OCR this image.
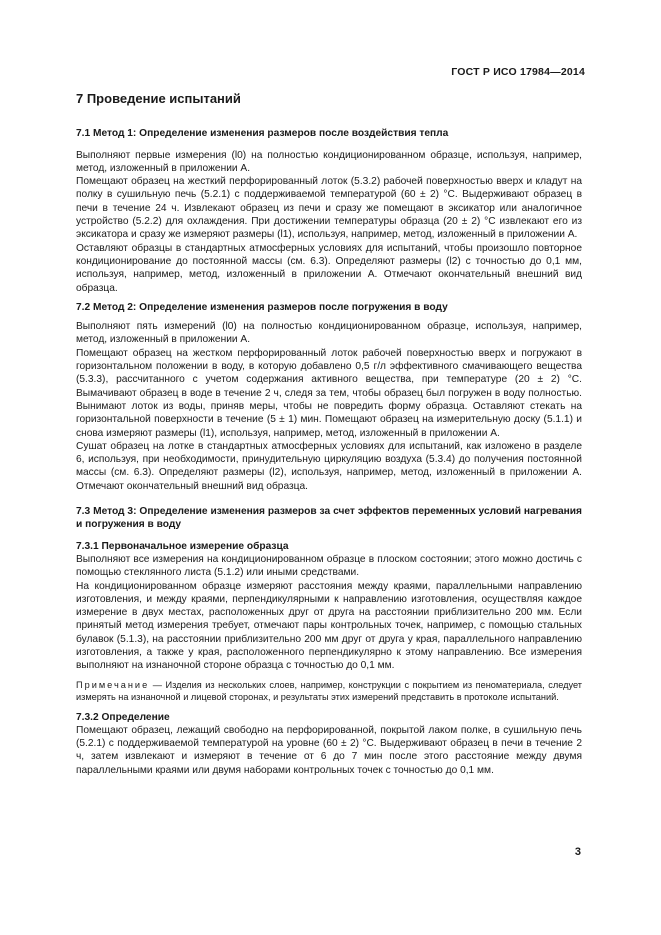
ГОСТ Р ИСО 17984—2014

7 Проведение испытаний

7.1 Метод 1: Определение изменения размеров после воздействия тепла

Выполняют первые измерения (l0) на полностью кондиционированном образце, используя, например, метод, изложенный в приложении А.

Помещают образец на жесткий перфорированный лоток (5.3.2) рабочей поверхностью вверх и кладут на полку в сушильную печь (5.2.1) с поддерживаемой температурой (60 ± 2) °С. Выдерживают образец в печи в течение 24 ч. Извлекают образец из печи и сразу же помещают в эксикатор или аналогичное устройство (5.2.2) для охлаждения. При достижении температуры образца (20 ± 2) °С извлекают его из эксикатора и сразу же измеряют размеры (l1), используя, например, метод, изложенный в приложении А.

Оставляют образцы в стандартных атмосферных условиях для испытаний, чтобы произошло повторное кондиционирование до постоянной массы (см. 6.3). Определяют размеры (l2) с точностью до 0,1 мм, используя, например, метод, изложенный в приложении А. Отмечают окончательный внешний вид образца.

7.2 Метод 2: Определение изменения размеров после погружения в воду

Выполняют пять измерений (l0) на полностью кондиционированном образце, используя, например, метод, изложенный в приложении А.

Помещают образец на жестком перфорированный лоток рабочей поверхностью вверх и погружают в горизонтальном положении в воду, в которую добавлено 0,5 г/л эффективного смачивающего вещества (5.3.3), рассчитанного с учетом содержания активного вещества, при температуре (20 ± 2) °С. Вымачивают образец в воде в течение 2 ч, следя за тем, чтобы образец был погружен в воду полностью. Вынимают лоток из воды, приняв меры, чтобы не повредить форму образца. Оставляют стекать на горизонтальной поверхности в течение (5 ± 1) мин. Помещают образец на измерительную доску (5.1.1) и снова измеряют размеры (l1), используя, например, метод, изложенный в приложении А.

Сушат образец на лотке в стандартных атмосферных условиях для испытаний, как изложено в разделе 6, используя, при необходимости, принудительную циркуляцию воздуха (5.3.4) до получения постоянной массы (см. 6.3). Определяют размеры (l2), используя, например, метод, изложенный в приложении А. Отмечают окончательный внешний вид образца.

7.3 Метод 3: Определение изменения размеров за счет эффектов переменных условий нагревания и погружения в воду

7.3.1 Первоначальное измерение образца

Выполняют все измерения на кондиционированном образце в плоском состоянии; этого можно достичь с помощью стеклянного листа (5.1.2) или иными средствами.

На кондиционированном образце измеряют расстояния между краями, параллельными направлению изготовления, и между краями, перпендикулярными к направлению изготовления, осуществляя каждое измерение в двух местах, расположенных друг от друга на расстоянии приблизительно 200 мм. Если принятый метод измерения требует, отмечают пары контрольных точек, например, с помощью стальных булавок (5.1.3), на расстоянии приблизительно 200 мм друг от друга у края, параллельного направлению изготовления, а также у края, расположенного перпендикулярно к этому направлению. Все измерения выполняют на изнаночной стороне образца с точностью до 0,1 мм.

Примечание — Изделия из нескольких слоев, например, конструкции с покрытием из пеноматериала, следует измерять на изнаночной и лицевой сторонах, и результаты этих измерений представить в протоколе испытаний.

7.3.2 Определение

Помещают образец, лежащий свободно на перфорированной, покрытой лаком полке, в сушильную печь (5.2.1) с поддерживаемой температурой на уровне (60 ± 2) °С. Выдерживают образец в печи в течение 2 ч, затем извлекают и измеряют в течение от 6 до 7 мин после этого расстояние между двумя параллельными краями или двумя наборами контрольных точек с точностью до 0,1 мм.

3
